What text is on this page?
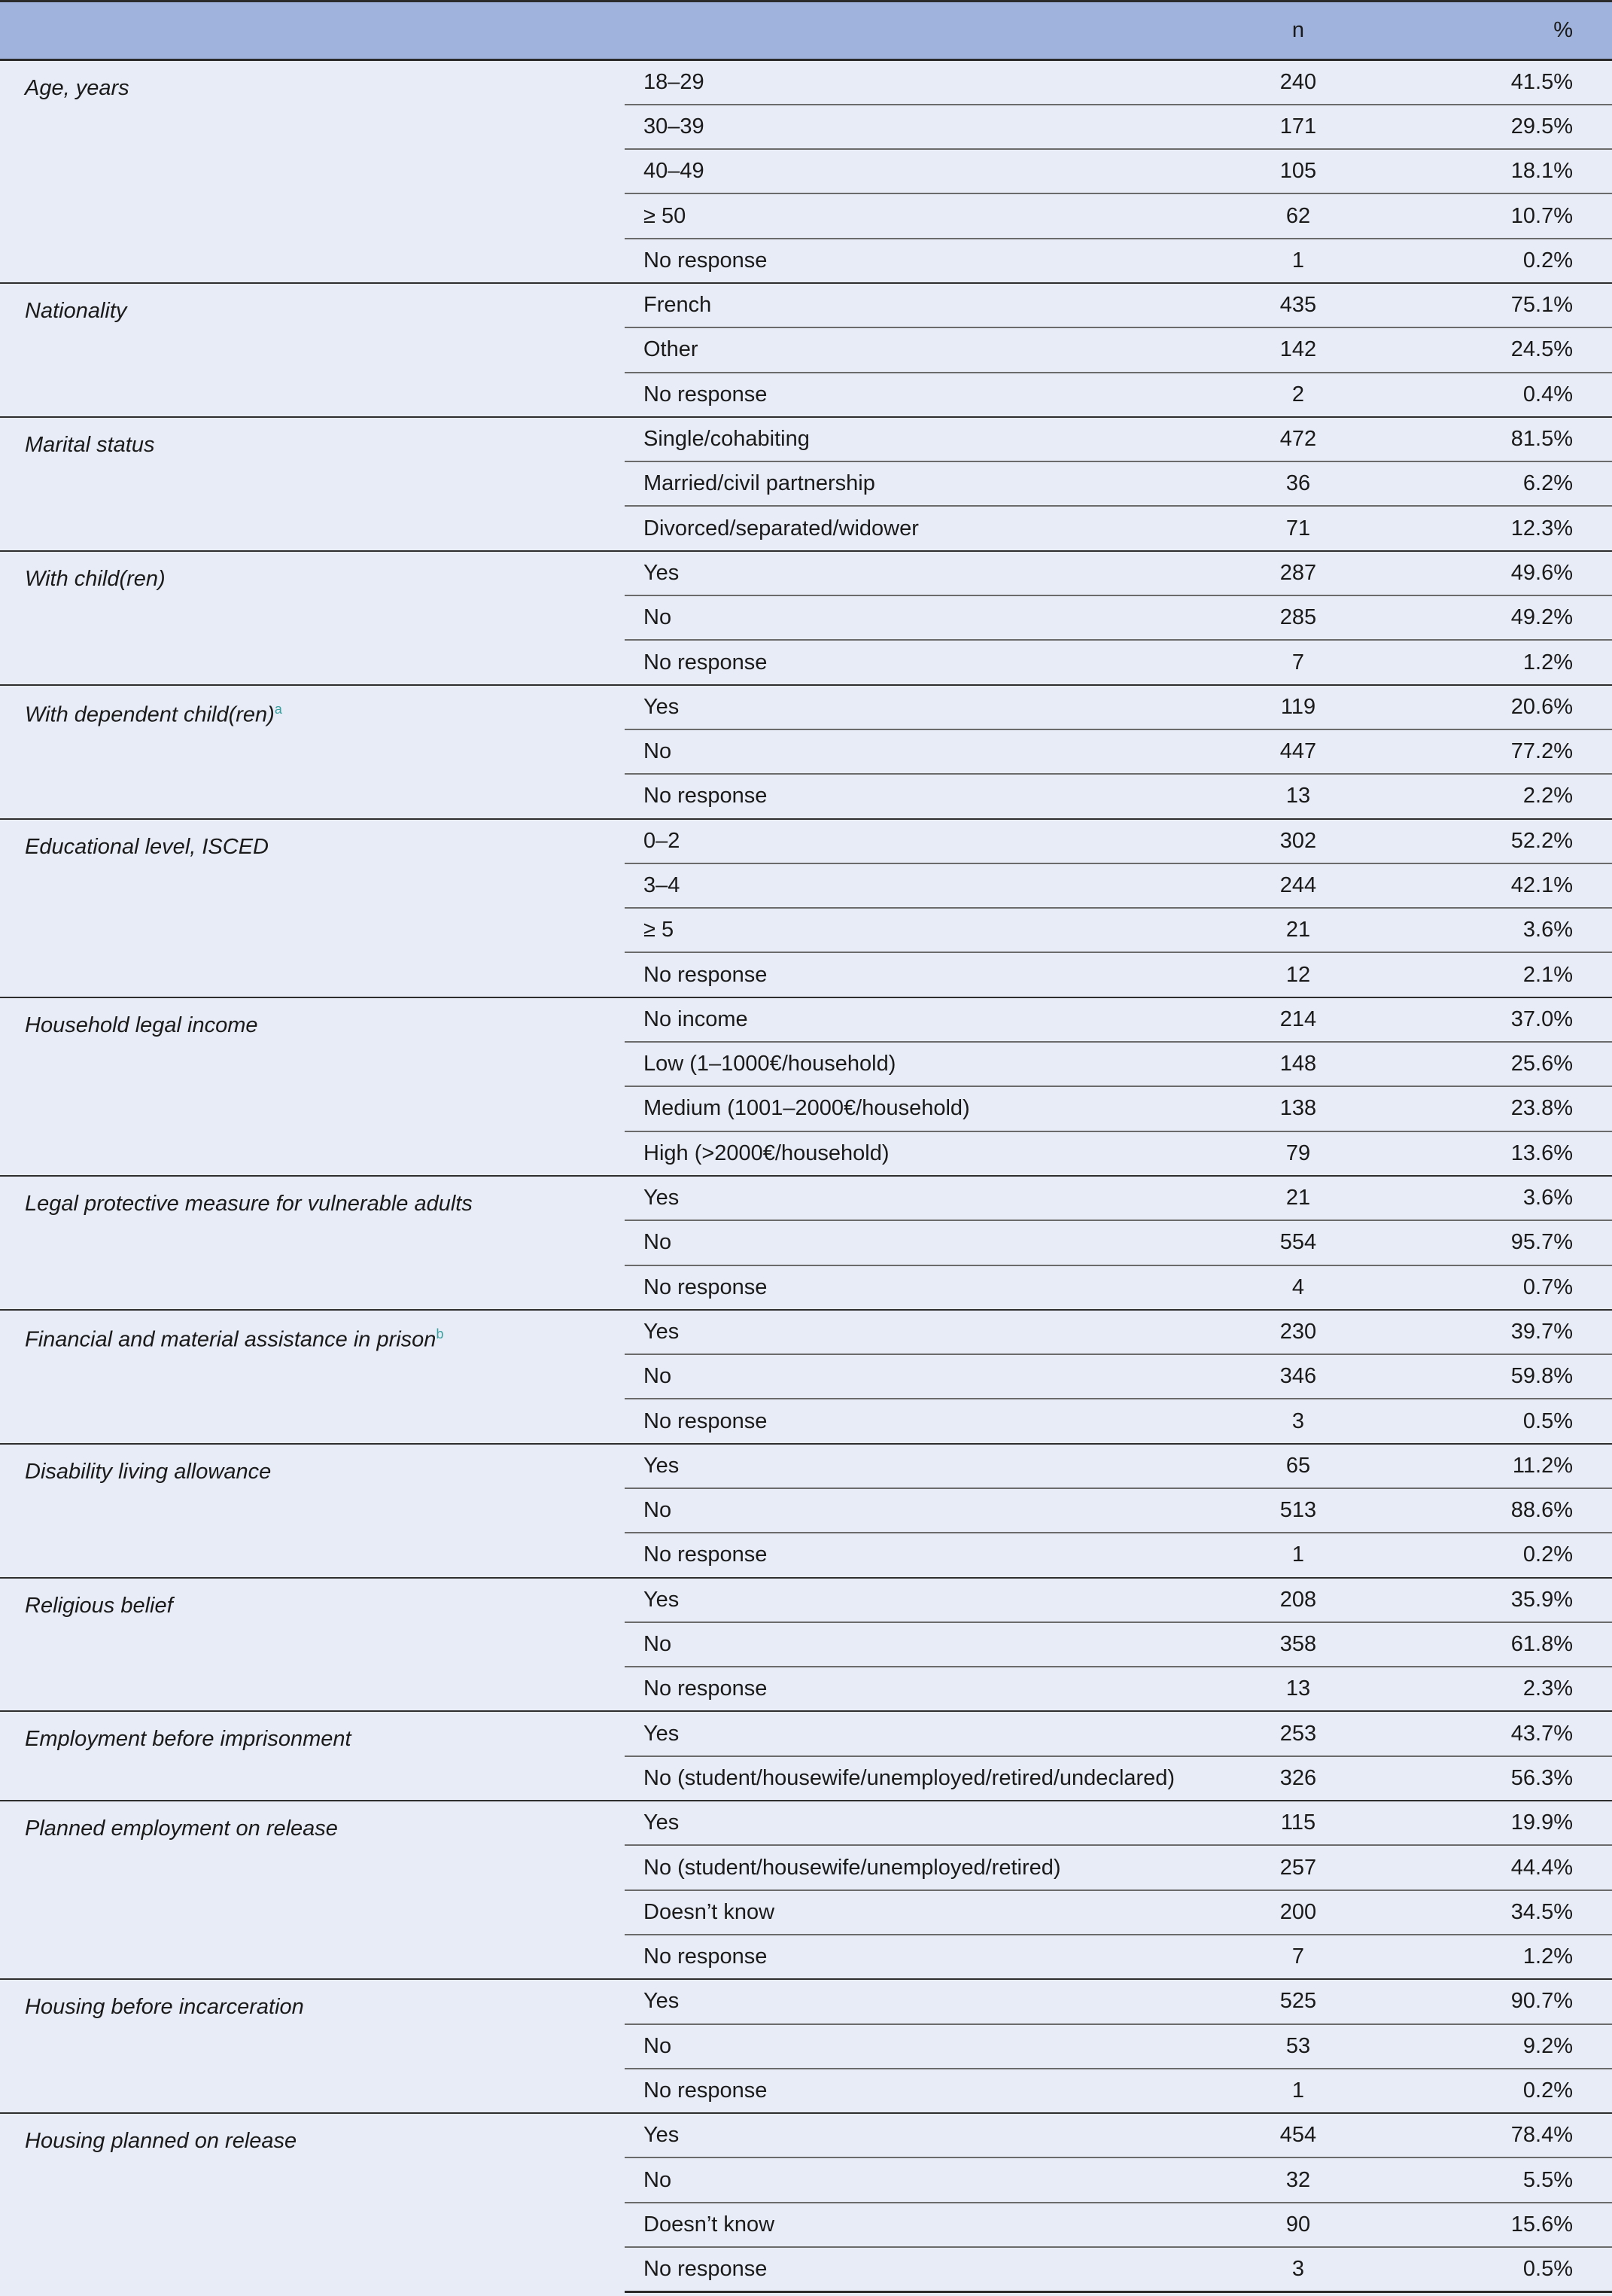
		n	%
Age, years	18–29	240	41.5%
	30–39	171	29.5%
	40–49	105	18.1%
	≥ 50	62	10.7%
	No response	1	0.2%
Nationality	French	435	75.1%
	Other	142	24.5%
	No response	2	0.4%
Marital status	Single/cohabiting	472	81.5%
	Married/civil partnership	36	6.2%
	Divorced/separated/widower	71	12.3%
With child(ren)	Yes	287	49.6%
	No	285	49.2%
	No response	7	1.2%
With dependent child(ren)$^a$	Yes	119	20.6%
	No	447	77.2%
	No response	13	2.2%
Educational level, ISCED	0–2	302	52.2%
	3–4	244	42.1%
	≥ 5	21	3.6%
	No response	12	2.1%
Household legal income	No income	214	37.0%
	Low (1–1000€/household)	148	25.6%
	Medium (1001–2000€/household)	138	23.8%
	High (>2000€/household)	79	13.6%
Legal protective measure for vulnerable adults	Yes	21	3.6%
	No	554	95.7%
	No response	4	0.7%
Financial and material assistance in prison$^b$	Yes	230	39.7%
	No	346	59.8%
	No response	3	0.5%
Disability living allowance	Yes	65	11.2%
	No	513	88.6%
	No response	1	0.2%
Religious belief	Yes	208	35.9%
	No	358	61.8%
	No response	13	2.3%
Employment before imprisonment	Yes	253	43.7%
	No (student/housewife/unemployed/retired/undeclared)	326	56.3%
Planned employment on release	Yes	115	19.9%
	No (student/housewife/unemployed/retired)	257	44.4%
	Doesn’t know	200	34.5%
	No response	7	1.2%
Housing before incarceration	Yes	525	90.7%
	No	53	9.2%
	No response	1	0.2%
Housing planned on release	Yes	454	78.4%
	No	32	5.5%
	Doesn’t know	90	15.6%
	No response	3	0.5%
